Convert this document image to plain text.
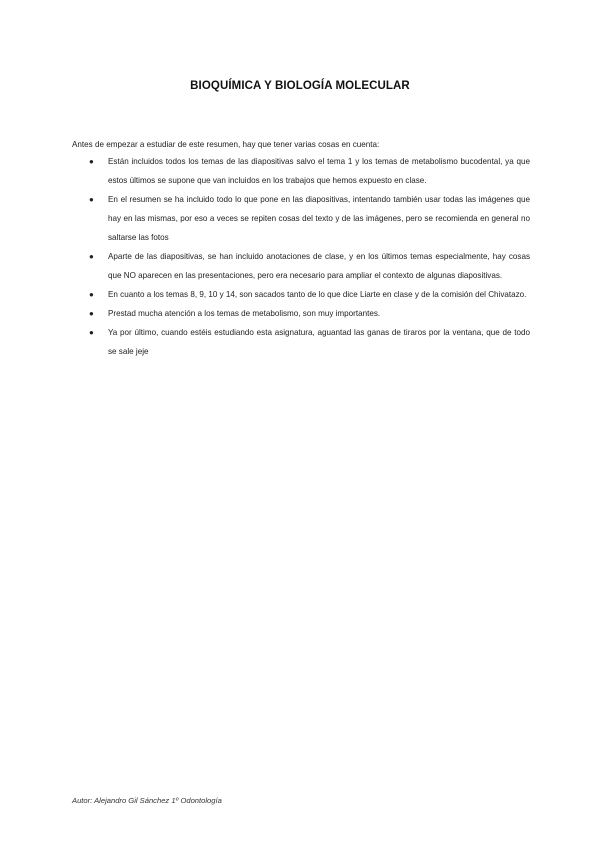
BIOQUÍMICA Y BIOLOGÍA MOLECULAR
Antes de empezar a estudiar de este resumen, hay que tener varias cosas en cuenta:
● Están incluidos todos los temas de las diapositivas salvo el tema 1 y los temas de metabolismo bucodental, ya que estos últimos se supone que van incluidos en los trabajos que hemos expuesto en clase.
● En el resumen se ha incluido todo lo que pone en las diapositivas, intentando también usar todas las imágenes que hay en las mismas, por eso a veces se repiten cosas del texto y de las imágenes, pero se recomienda en general no saltarse las fotos
● Aparte de las diapositivas, se han incluido anotaciones de clase, y en los últimos temas especialmente, hay cosas que NO aparecen en las presentaciones, pero era necesario para ampliar el contexto de algunas diapositivas.
● En cuanto a los temas 8, 9, 10 y 14, son sacados tanto de lo que dice Liarte en clase y de la comisión del Chivatazo.
● Prestad mucha atención a los temas de metabolismo, son muy importantes.
● Ya por último, cuando estéis estudiando esta asignatura, aguantad las ganas de tiraros por la ventana, que de todo se sale jeje
Autor: Alejandro Gil Sánchez 1º Odontología
